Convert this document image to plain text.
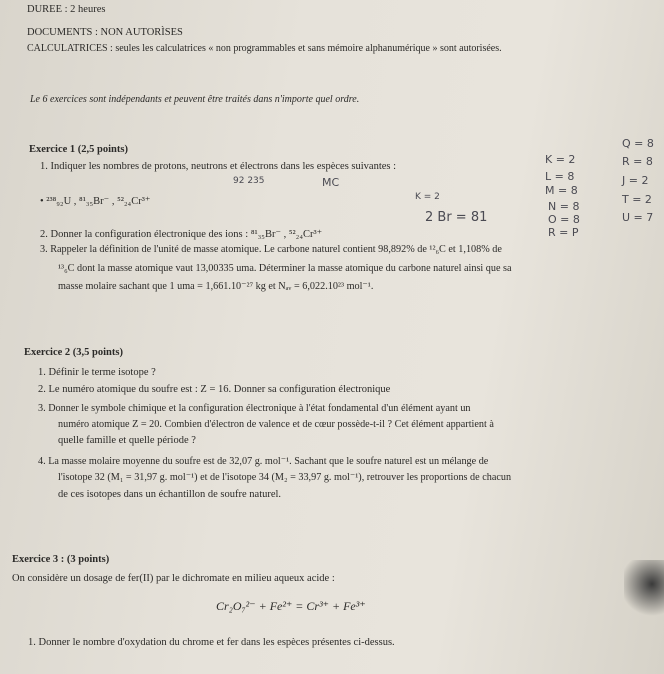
DUREE : 2 heures
DOCUMENTS : NON AUTORÌSES
CALCULATRICES : seules les calculatrices « non programmables et sans mémoire alphanumérique » sont autorisées.
Le 6 exercices sont indépendants et peuvent être traités dans n'importe quel ordre.
Exercice 1 (2,5 points)
1. Indiquer les nombres de protons, neutrons et électrons dans les espèces suivantes :
• ²³⁸₉₂U , ⁸¹₃₅Br⁻ , ⁵²₂₄Cr³⁺
2. Donner la configuration électronique des ions : ⁸¹₃₅Br⁻ , ⁵²₂₄Cr³⁺
3. Rappeler la définition de l'unité de masse atomique. Le carbone naturel contient 98,892% de ¹²₆C et 1,108% de
¹³₆C dont la masse atomique vaut 13,00335 uma. Déterminer la masse atomique du carbone naturel ainsi que sa
masse molaire sachant que 1 uma = 1,661.10⁻²⁷ kg et Nₐᵥ = 6,022.10²³ mol⁻¹.
Exercice 2 (3,5 points)
1. Définir le terme isotope ?
2. Le numéro atomique du soufre est : Z = 16. Donner sa configuration électronique
3. Donner le symbole chimique et la configuration électronique à l'état fondamental d'un élément ayant un
numéro atomique Z = 20. Combien d'électron de valence et de cœur possède-t-il ? Cet élément appartient à
quelle famille et quelle période ?
4. La masse molaire moyenne du soufre est de 32,07 g. mol⁻¹. Sachant que le soufre naturel est un mélange de
l'isotope 32 (M₁ = 31,97 g. mol⁻¹) et de l'isotope 34 (M₂ = 33,97 g. mol⁻¹), retrouver les proportions de chacun
de ces isotopes dans un échantillon de soufre naturel.
Exercice 3 : (3 points)
On considère un dosage de fer(II) par le dichromate en milieu aqueux acide :
Cr₂O₇²⁻ + Fe²⁺ = Cr³⁺ + Fe³⁺
1. Donner le nombre d'oxydation du chrome et fer dans les espèces présentes ci-dessus.
Q = 8
K = 2	R = 8
L = 8	J = 2
M = 8
92 235	MC
K = 2
2 Br = 81
N = 8
T = 2
O = 8	U = 7
R = P
